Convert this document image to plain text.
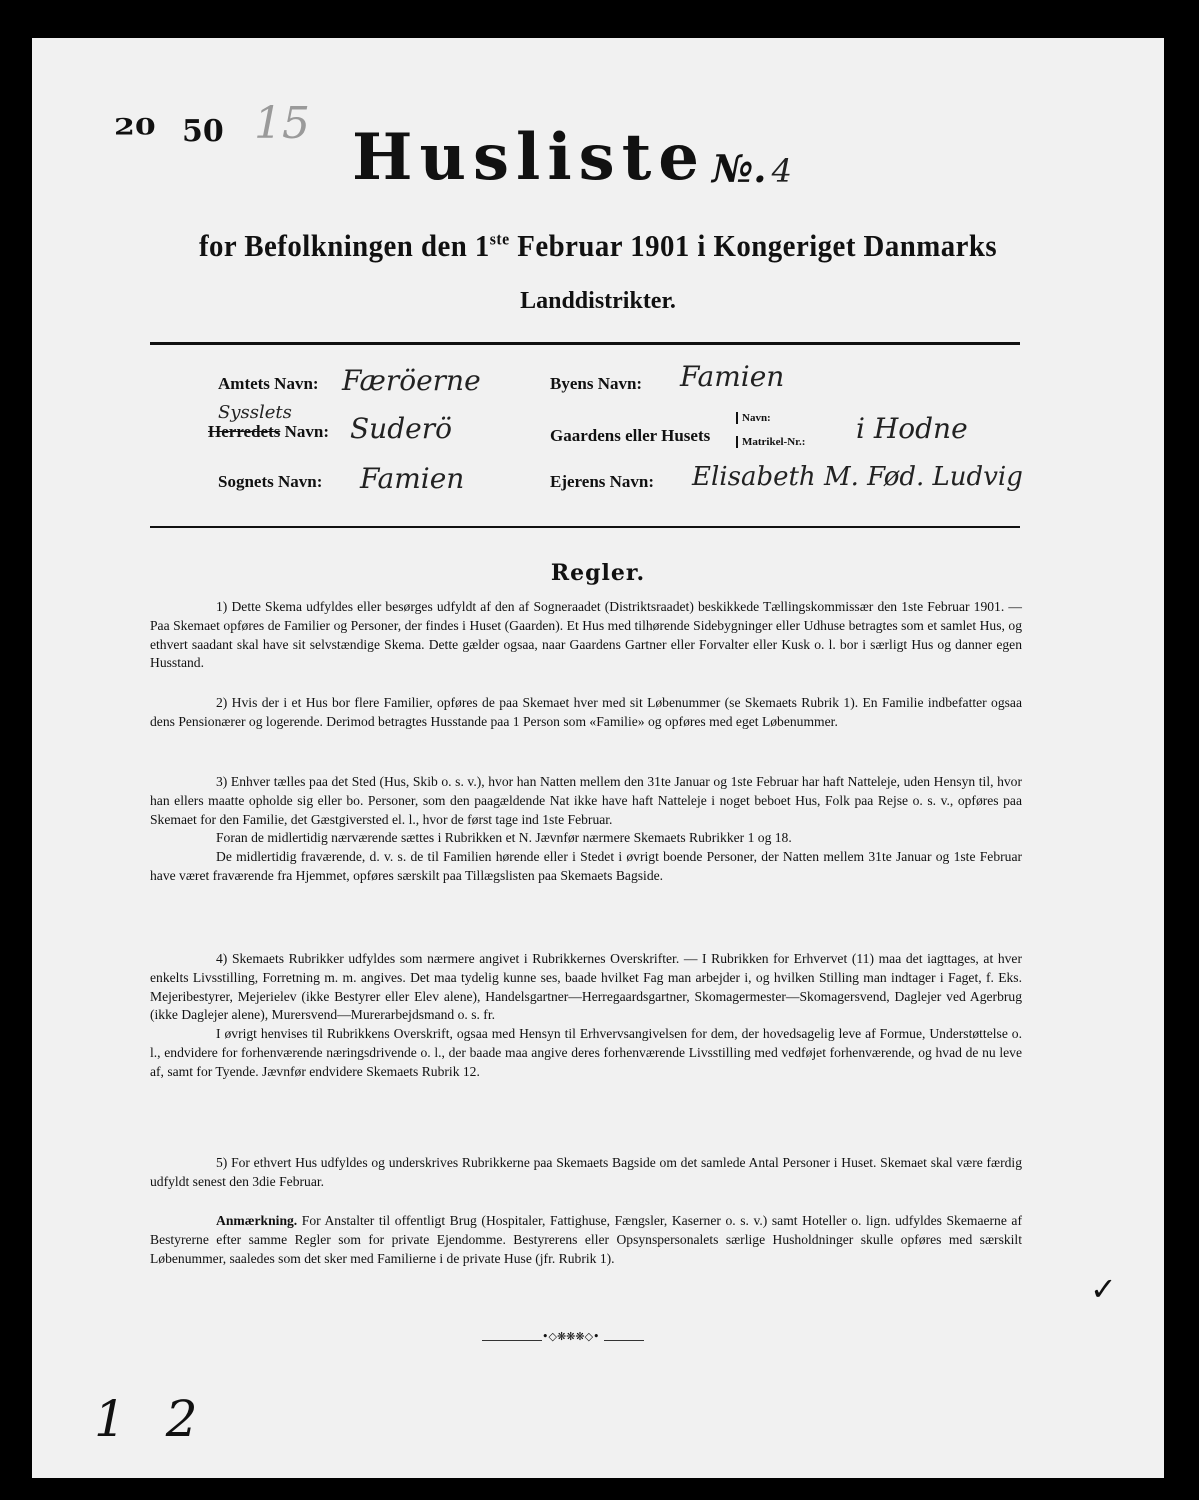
20 50 15 Husliste №. 4
for Befolkningen den 1ste Februar 1901 i Kongeriget Danmarks
Landdistrikter.
Amtets Navn: Færöerne
Sysslets
Herredets Navn: Suderö
Sognets Navn: Famien
Byens Navn: Famien
Gaardens eller Husets
Navn:
Matrikel-Nr.: i Hodne
Ejerens Navn: Elisabeth M. Fød. Ludvig
Regler.

1) Dette Skema udfyldes eller besørges udfyldt af den af Sogneraadet (Distriktsraadet) beskikkede Tællingskommissær den 1ste Februar 1901. — Paa Skemaet opføres de Familier og Personer, der findes i Huset (Gaarden). Et Hus med tilhørende Sidebygninger eller Udhuse betragtes som et samlet Hus, og ethvert saadant skal have sit selvstændige Skema. Dette gælder ogsaa, naar Gaardens Gartner eller Forvalter eller Kusk o. l. bor i særligt Hus og danner egen Husstand.

2) Hvis der i et Hus bor flere Familier, opføres de paa Skemaet hver med sit Løbenummer (se Skemaets Rubrik 1). En Familie indbefatter ogsaa dens Pensionærer og logerende. Derimod betragtes Husstande paa 1 Person som «Familie» og opføres med eget Løbenummer.

3) Enhver tælles paa det Sted (Hus, Skib o. s. v.), hvor han Natten mellem den 31te Januar og 1ste Februar har haft Natteleje, uden Hensyn til, hvor han ellers maatte opholde sig eller bo. Personer, som den paagældende Nat ikke have haft Natteleje i noget beboet Hus, Folk paa Rejse o. s. v., opføres paa Skemaet for den Familie, det Gæstgiversted el. l., hvor de først tage ind 1ste Februar.

Foran de midlertidig nærværende sættes i Rubrikken et N. Jævnfør nærmere Skemaets Rubrikker 1 og 18.

De midlertidig fraværende, d. v. s. de til Familien hørende eller i Stedet i øvrigt boende Personer, der Natten mellem 31te Januar og 1ste Februar have været fraværende fra Hjemmet, opføres særskilt paa Tillægslisten paa Skemaets Bagside.

4) Skemaets Rubrikker udfyldes som nærmere angivet i Rubrikkernes Overskrifter. — I Rubrikken for Erhvervet (11) maa det iagttages, at hver enkelts Livsstilling, Forretning m. m. angives. Det maa tydelig kunne ses, baade hvilket Fag man arbejder i, og hvilken Stilling man indtager i Faget, f. Eks. Mejeribestyrer, Mejerielev (ikke Bestyrer eller Elev alene), Handelsgartner—Herregaardsgartner, Skomagermester—Skomagersvend, Daglejer ved Agerbrug (ikke Daglejer alene), Murersvend—Murerarbejdsmand o. s. fr.

I øvrigt henvises til Rubrikkens Overskrift, ogsaa med Hensyn til Erhvervsangivelsen for dem, der hovedsagelig leve af Formue, Understøttelse o. l., endvidere for forhenværende næringsdrivende o. l., der baade maa angive deres forhenværende Livsstilling med vedføjet forhenværende, og hvad de nu leve af, samt for Tyende. Jævnfør endvidere Skemaets Rubrik 12.

5) For ethvert Hus udfyldes og underskrives Rubrikkerne paa Skemaets Bagside om det samlede Antal Personer i Huset. Skemaet skal være færdig udfyldt senest den 3die Februar.

Anmærkning. For Anstalter til offentligt Brug (Hospitaler, Fattighuse, Fængsler, Kaserner o. s. v.) samt Hoteller o. lign. udfyldes Skemaerne af Bestyrerne efter samme Regler som for private Ejendomme. Bestyrerens eller Opsynspersonalets særlige Husholdninger skulle opføres med særskilt Løbenummer, saaledes som det sker med Familierne i de private Huse (jfr. Rubrik 1).

•◇❋❋❋◇•
✓
1 2
